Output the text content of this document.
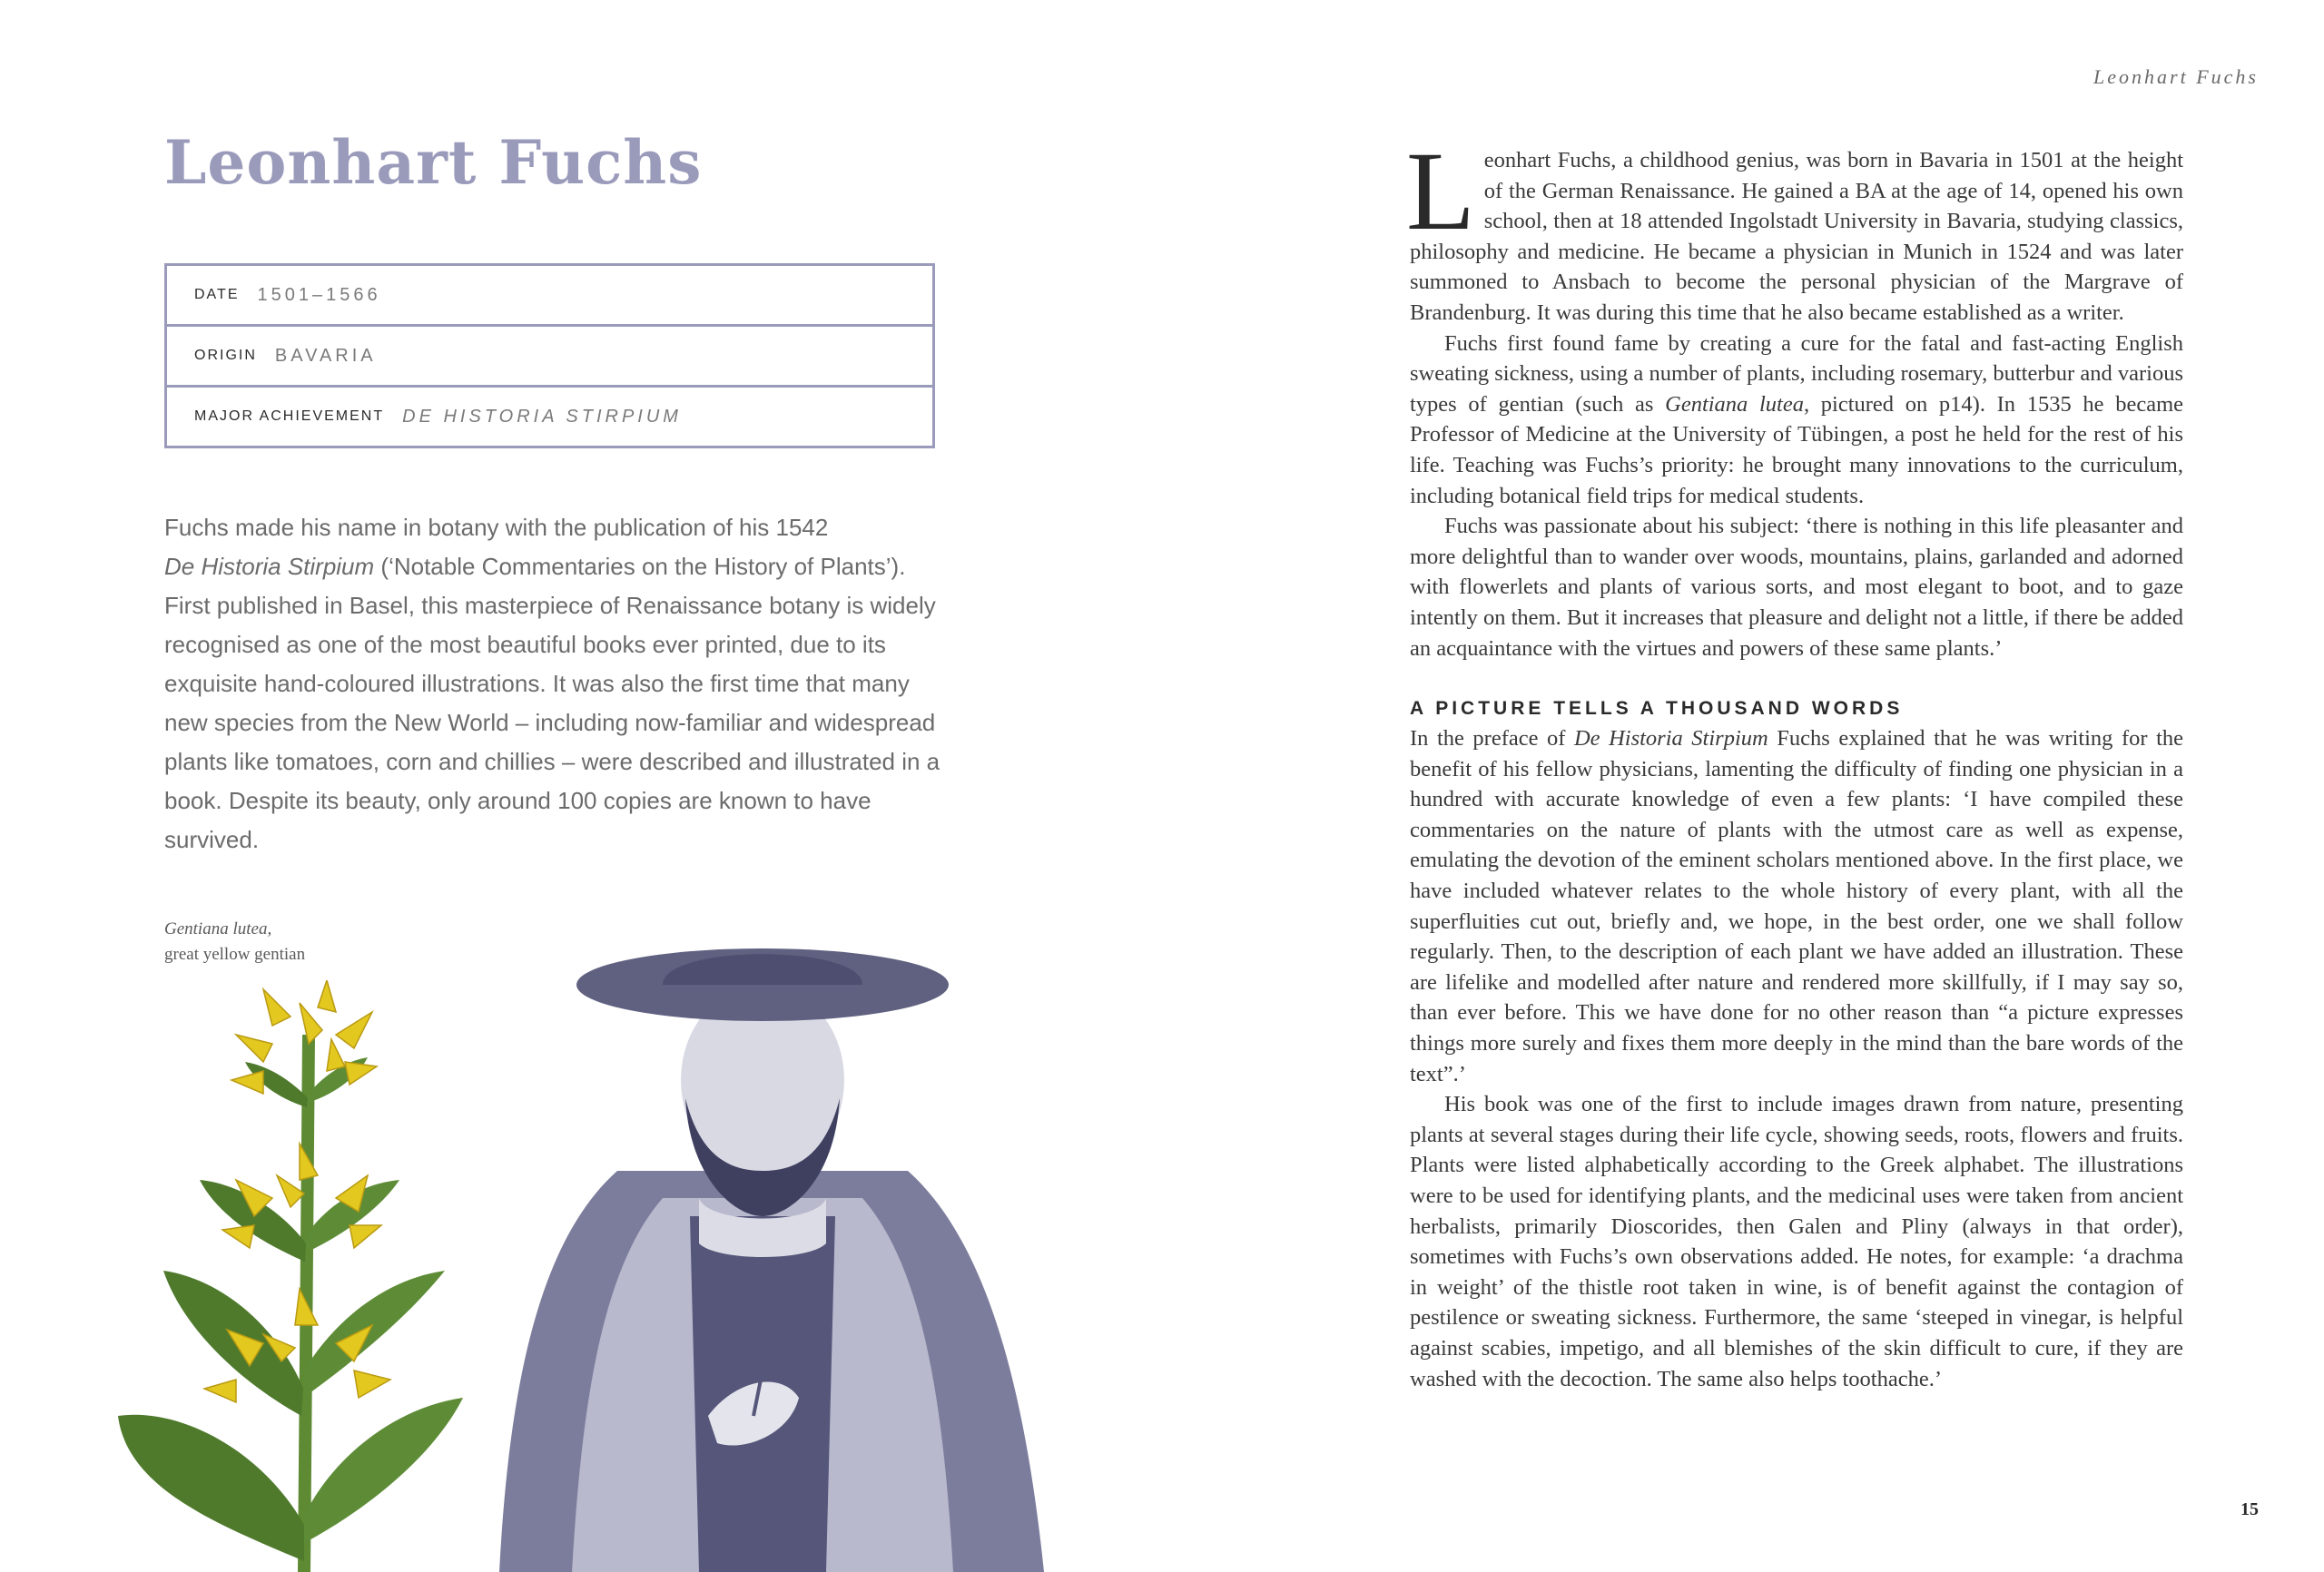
Leonhart Fuchs
Leonhart Fuchs
DATE 1501–1566
ORIGIN BAVARIA
MAJOR ACHIEVEMENT DE HISTORIA STIRPIUM

Fuchs made his name in botany with the publication of his 1542
De Historia Stirpium (‘Notable Commentaries on the History of Plants’). First published in Basel, this masterpiece of Renaissance botany is widely recognised as one of the most beautiful books ever printed, due to its exquisite hand-coloured illustrations. It was also the first time that many new species from the New World – including now-familiar and widespread plants like tomatoes, corn and chillies – were described and illustrated in a book. Despite its beauty, only around 100 copies are known to have survived.

Gentiana lutea,
great yellow gentian

Leonhart Fuchs, a childhood genius, was born in Bavaria in 1501 at the height of the German Renaissance. He gained a BA at the age of 14, opened his own school, then at 18 attended Ingolstadt University in Bavaria, studying classics, philosophy and medicine. He became a physician in Munich in 1524 and was later summoned to Ansbach to become the personal physician of the Margrave of Brandenburg. It was during this time that he also became established as a writer.

Fuchs first found fame by creating a cure for the fatal and fast-acting English sweating sickness, using a number of plants, including rosemary, butterbur and various types of gentian (such as Gentiana lutea, pictured on p14). In 1535 he became Professor of Medicine at the University of Tübingen, a post he held for the rest of his life. Teaching was Fuchs’s priority: he brought many innovations to the curriculum, including botanical field trips for medical students.

Fuchs was passionate about his subject: ‘there is nothing in this life pleasanter and more delightful than to wander over woods, mountains, plains, garlanded and adorned with flowerlets and plants of various sorts, and most elegant to boot, and to gaze intently on them. But it increases that pleasure and delight not a little, if there be added an acquaintance with the virtues and powers of these same plants.’

A PICTURE TELLS A THOUSAND WORDS

In the preface of De Historia Stirpium Fuchs explained that he was writing for the benefit of his fellow physicians, lamenting the difficulty of finding one physician in a hundred with accurate knowledge of even a few plants: ‘I have compiled these commentaries on the nature of plants with the utmost care as well as expense, emulating the devotion of the eminent scholars mentioned above. In the first place, we have included whatever relates to the whole history of every plant, with all the superfluities cut out, briefly and, we hope, in the best order, one we shall follow regularly. Then, to the description of each plant we have added an illustration. These are lifelike and modelled after nature and rendered more skillfully, if I may say so, than ever before. This we have done for no other reason than “a picture expresses things more surely and fixes them more deeply in the mind than the bare words of the text”.’

His book was one of the first to include images drawn from nature, presenting plants at several stages during their life cycle, showing seeds, roots, flowers and fruits. Plants were listed alphabetically according to the Greek alphabet. The illustrations were to be used for identifying plants, and the medicinal uses were taken from ancient herbalists, primarily Dioscorides, then Galen and Pliny (always in that order), sometimes with Fuchs’s own observations added. He notes, for example: ‘a drachma in weight’ of the thistle root taken in wine, is of benefit against the contagion of pestilence or sweating sickness. Furthermore, the same ‘steeped in vinegar, is helpful against scabies, impetigo, and all blemishes of the skin difficult to cure, if they are washed with the decoction. The same also helps toothache.’

15
